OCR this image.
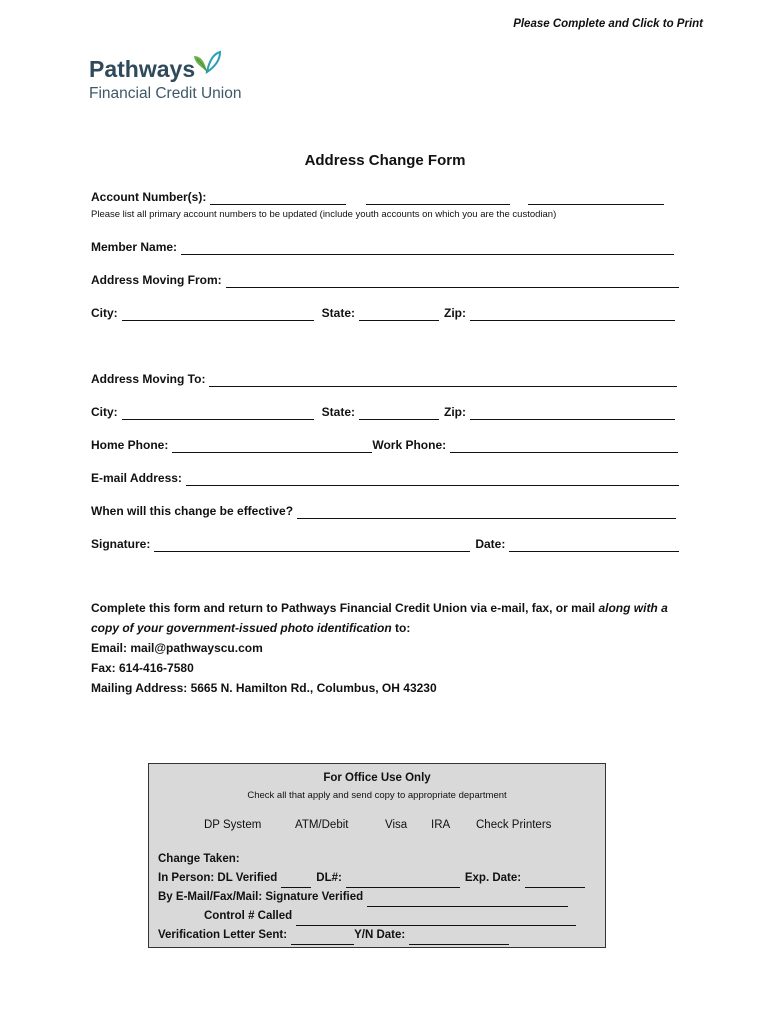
Please Complete and Click to Print
Pathways
Financial Credit Union
Address Change Form
Account Number(s):
Please list all primary account numbers to be updated (include youth accounts on which you are the custodian)
Member Name:
Address Moving From:
City:	State:	Zip:
Address Moving To:
City:	State:	Zip:
Home Phone:	Work Phone:
E-mail Address:
When will this change be effective?
Signature:	Date:
Complete this form and return to Pathways Financial Credit Union via e-mail, fax, or mail along with a
copy of your government-issued photo identification to:
Email: mail@pathwayscu.com
Fax: 614-416-7580
Mailing Address: 5665 N. Hamilton Rd., Columbus, OH 43230
For Office Use Only
Check all that apply and send copy to appropriate department
DP System	ATM/Debit	Visa IRA Check Printers
Change Taken:
In Person: DL Verified	DL#:	Exp. Date:
By E-Mail/Fax/Mail: Signature Verified
Control # Called
Verification Letter Sent:	Y/N Date:
